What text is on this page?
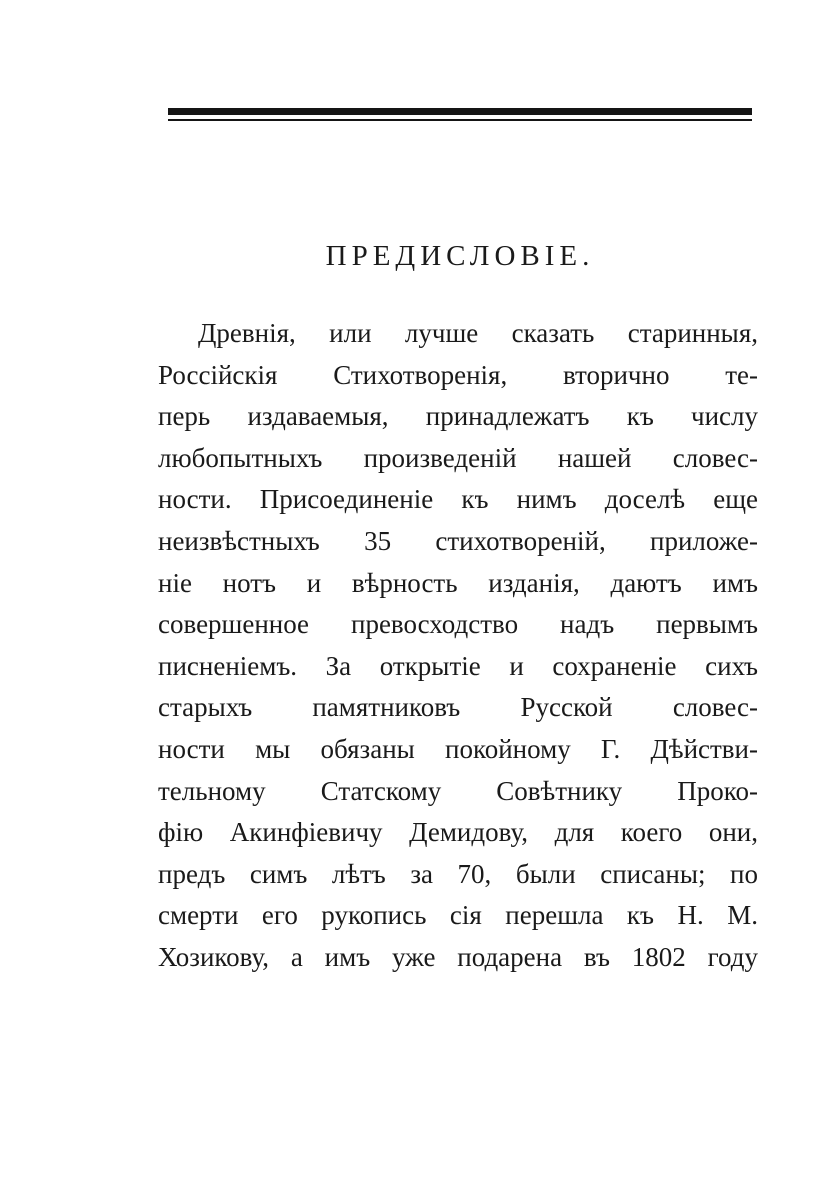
ПРЕДИСЛОВІЕ.
Древнія, или лучше сказать старинныя,
Россійскія Стихотворенія, вторично те-
перь издаваемыя, принадлежатъ къ числу
любопытныхъ произведеній нашей словес-
ности. Присоединеніе къ нимъ доселѣ еще
неизвѣстныхъ 35 стихотвореній, приложе-
ніе нотъ и вѣрность изданія, даютъ имъ
совершенное превосходство надъ первымъ
писненіемъ. За открытіе и сохраненіе сихъ
старыхъ памятниковъ Русской словес-
ности мы обязаны покойному Г. Дѣйстви-
тельному Статскому Совѣтнику Проко-
фію Акинфіевичу Демидову, для коего они,
предъ симъ лѣтъ за 70, были списаны; по
смерти его рукопись сія перешла къ Н. М.
Хозикову, а имъ уже подарена въ 1802 году
